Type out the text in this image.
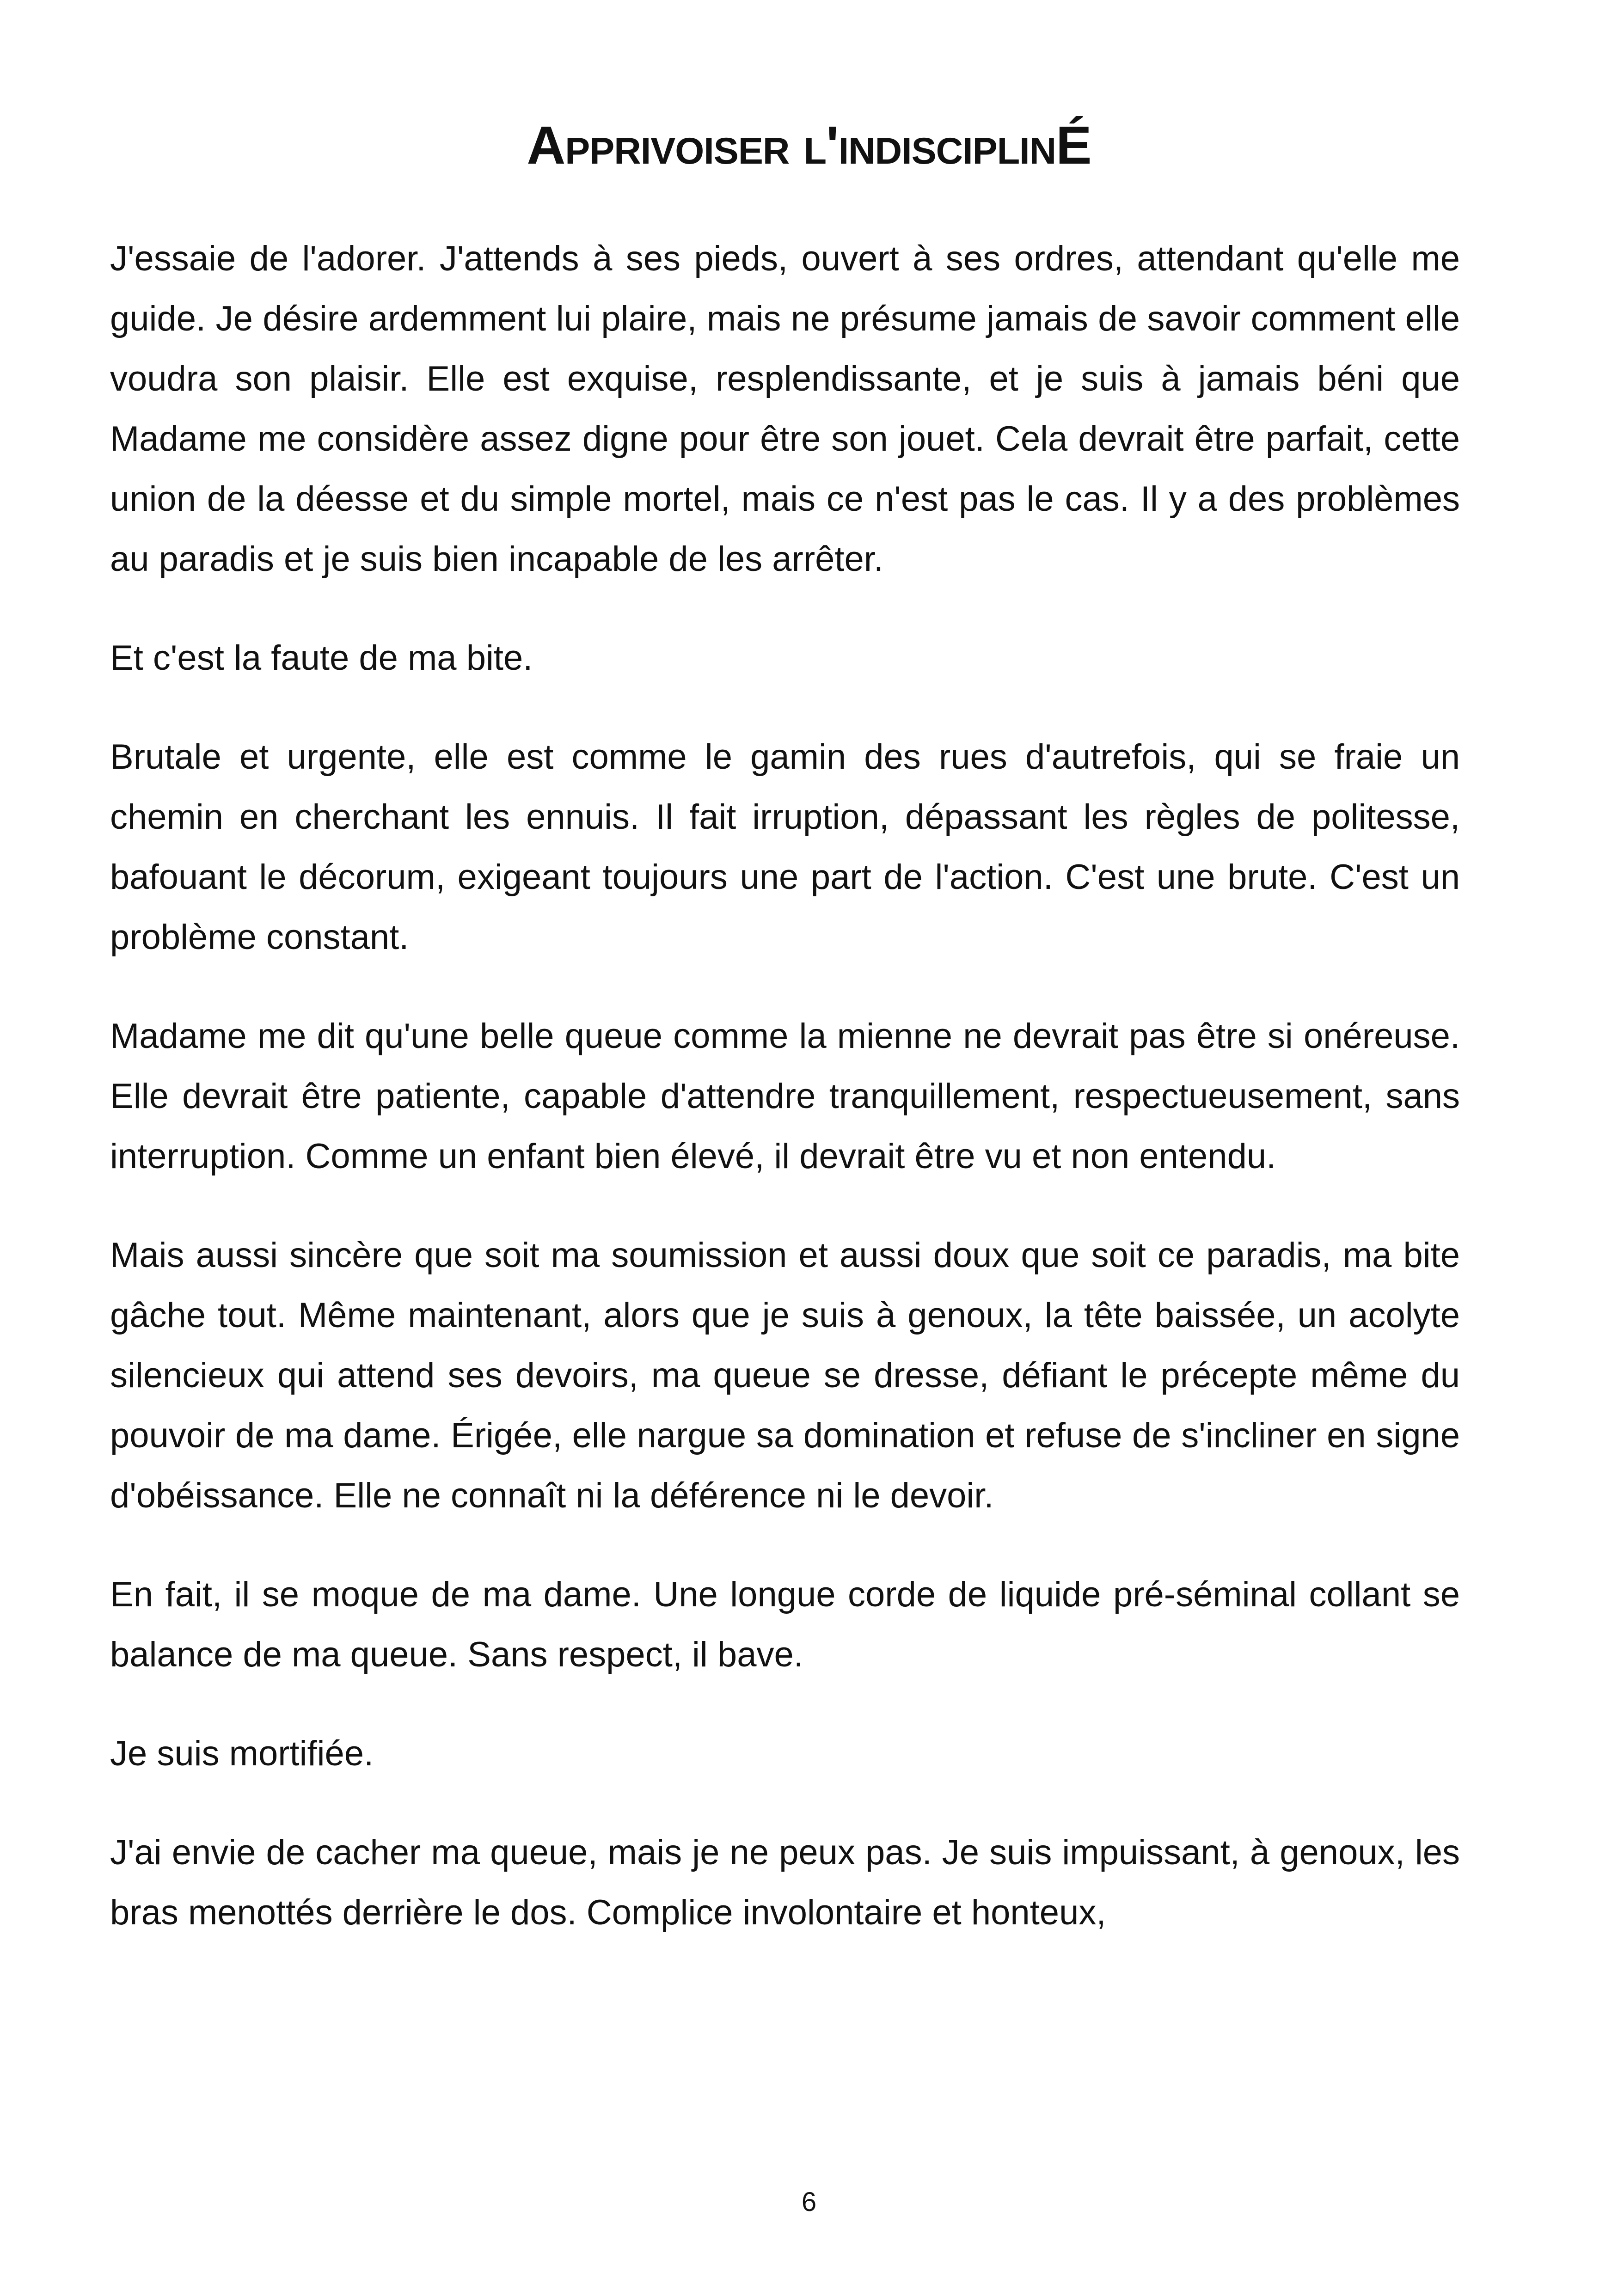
Apprivoiser l'indisciplinÉ

J'essaie de l'adorer. J'attends à ses pieds, ouvert à ses ordres, attendant qu'elle me guide. Je désire ardemment lui plaire, mais ne présume jamais de savoir comment elle voudra son plaisir. Elle est exquise, resplendissante, et je suis à jamais béni que Madame me considère assez digne pour être son jouet. Cela devrait être parfait, cette union de la déesse et du simple mortel, mais ce n'est pas le cas. Il y a des problèmes au paradis et je suis bien incapable de les arrêter.

Et c'est la faute de ma bite.

Brutale et urgente, elle est comme le gamin des rues d'autrefois, qui se fraie un chemin en cherchant les ennuis. Il fait irruption, dépassant les règles de politesse, bafouant le décorum, exigeant toujours une part de l'action. C'est une brute. C'est un problème constant.

Madame me dit qu'une belle queue comme la mienne ne devrait pas être si onéreuse. Elle devrait être patiente, capable d'attendre tranquillement, respectueusement, sans interruption. Comme un enfant bien élevé, il devrait être vu et non entendu.

Mais aussi sincère que soit ma soumission et aussi doux que soit ce paradis, ma bite gâche tout. Même maintenant, alors que je suis à genoux, la tête baissée, un acolyte silencieux qui attend ses devoirs, ma queue se dresse, défiant le précepte même du pouvoir de ma dame. Érigée, elle nargue sa domination et refuse de s'incliner en signe d'obéissance. Elle ne connaît ni la déférence ni le devoir.

En fait, il se moque de ma dame. Une longue corde de liquide pré-séminal collant se balance de ma queue. Sans respect, il bave.

Je suis mortifiée.

J'ai envie de cacher ma queue, mais je ne peux pas. Je suis impuissant, à genoux, les bras menottés derrière le dos. Complice involontaire et honteux,

6
